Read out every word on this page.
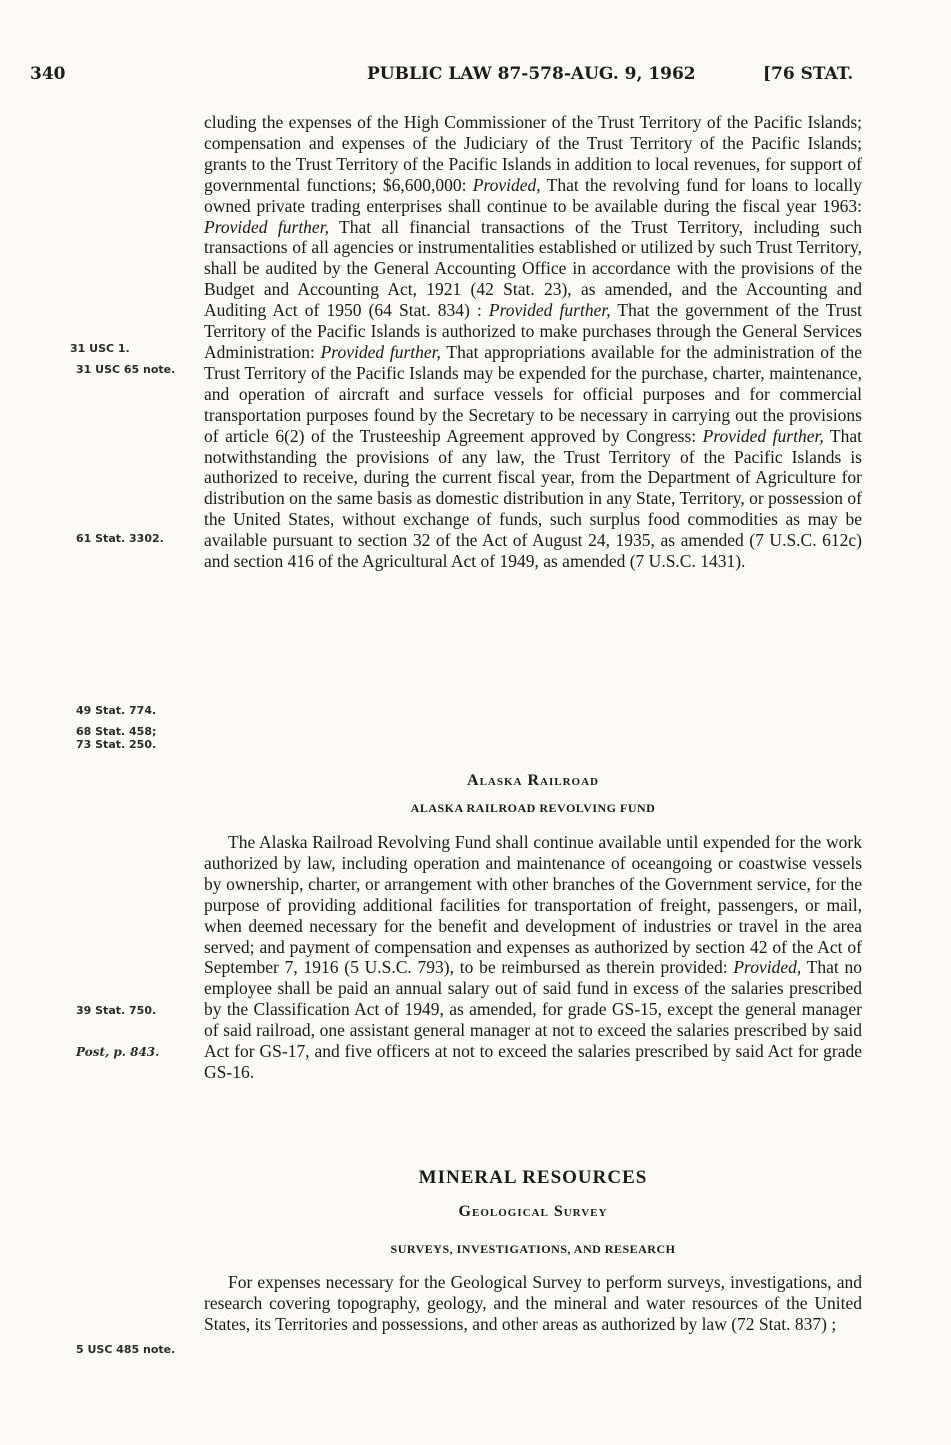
340	PUBLIC LAW 87-578-AUG. 9, 1962	[76 STAT.
31 USC 1.
31 USC 65 note.
61 Stat. 3302.
49 Stat. 774.
68 Stat. 458;
73 Stat. 250.
39 Stat. 750.
Post, p. 843.
5 USC 485 note.

cluding the expenses of the High Commissioner of the Trust Territory of the Pacific Islands; compensation and expenses of the Judiciary of the Trust Territory of the Pacific Islands; grants to the Trust Territory of the Pacific Islands in addition to local revenues, for support of governmental functions; $6,600,000: Provided, That the revolving fund for loans to locally owned private trading enterprises shall continue to be available during the fiscal year 1963: Provided further, That all financial transactions of the Trust Territory, including such transactions of all agencies or instrumentalities established or utilized by such Trust Territory, shall be audited by the General Accounting Office in accordance with the provisions of the Budget and Accounting Act, 1921 (42 Stat. 23), as amended, and the Accounting and Auditing Act of 1950 (64 Stat. 834) : Provided further, That the government of the Trust Territory of the Pacific Islands is authorized to make purchases through the General Services Administration: Provided further, That appropriations available for the administration of the Trust Territory of the Pacific Islands may be expended for the purchase, charter, maintenance, and operation of aircraft and surface vessels for official purposes and for commercial transportation purposes found by the Secretary to be necessary in carrying out the provisions of article 6(2) of the Trusteeship Agreement approved by Congress: Provided further, That notwithstanding the provisions of any law, the Trust Territory of the Pacific Islands is authorized to receive, during the current fiscal year, from the Department of Agriculture for distribution on the same basis as domestic distribution in any State, Territory, or possession of the United States, without exchange of funds, such surplus food commodities as may be available pursuant to section 32 of the Act of August 24, 1935, as amended (7 U.S.C. 612c) and section 416 of the Agricultural Act of 1949, as amended (7 U.S.C. 1431).

Alaska Railroad
ALASKA RAILROAD REVOLVING FUND

The Alaska Railroad Revolving Fund shall continue available until expended for the work authorized by law, including operation and maintenance of oceangoing or coastwise vessels by ownership, charter, or arrangement with other branches of the Government service, for the purpose of providing additional facilities for transportation of freight, passengers, or mail, when deemed necessary for the benefit and development of industries or travel in the area served; and payment of compensation and expenses as authorized by section 42 of the Act of September 7, 1916 (5 U.S.C. 793), to be reimbursed as therein provided: Provided, That no employee shall be paid an annual salary out of said fund in excess of the salaries prescribed by the Classification Act of 1949, as amended, for grade GS-15, except the general manager of said railroad, one assistant general manager at not to exceed the salaries prescribed by said Act for GS-17, and five officers at not to exceed the salaries prescribed by said Act for grade GS-16.

MINERAL RESOURCES
Geological Survey
SURVEYS, INVESTIGATIONS, AND RESEARCH

For expenses necessary for the Geological Survey to perform surveys, investigations, and research covering topography, geology, and the mineral and water resources of the United States, its Territories and possessions, and other areas as authorized by law (72 Stat. 837) ;
